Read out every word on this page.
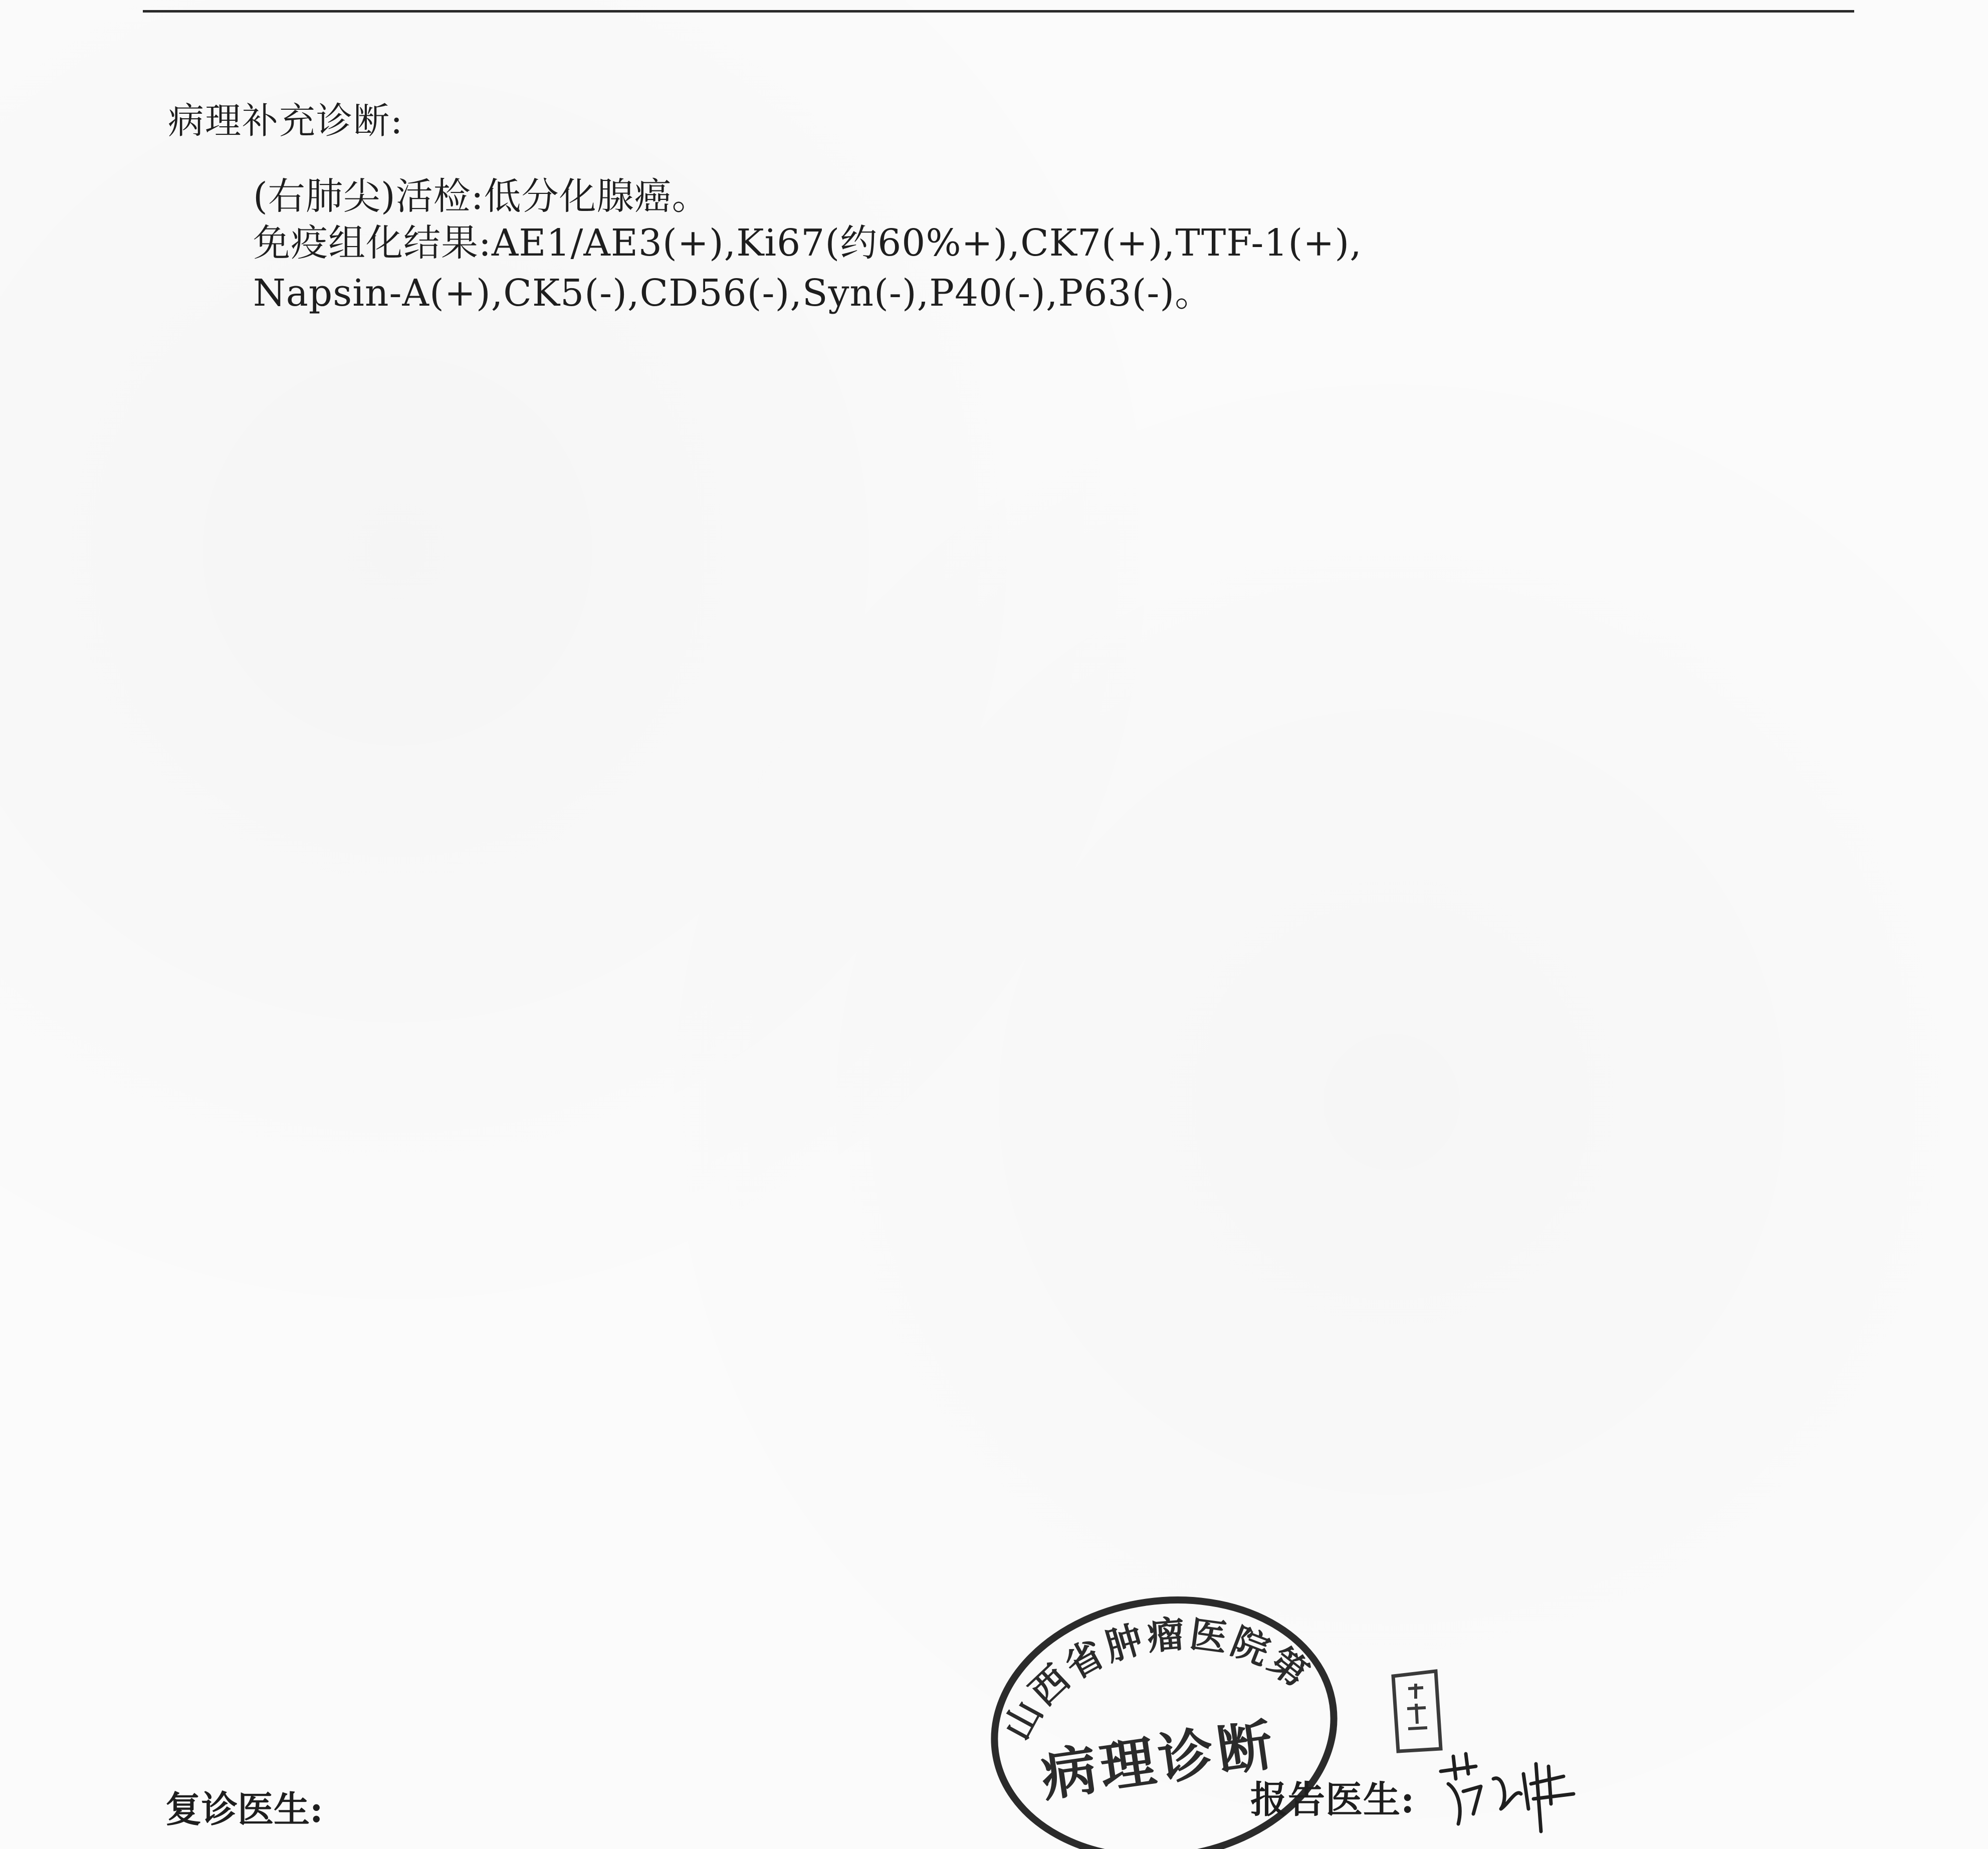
病理补充诊断:
(右肺尖)活检:低分化腺癌。
免疫组化结果:AE1/AE3(+),Ki67(约60%+),CK7(+),TTF-1(+),
Napsin-A(+),CK5(-),CD56(-),Syn(-),P40(-),P63(-)。
山西省肿瘤医院第三人民医院
病理诊断
报告医生:
复诊医生:
